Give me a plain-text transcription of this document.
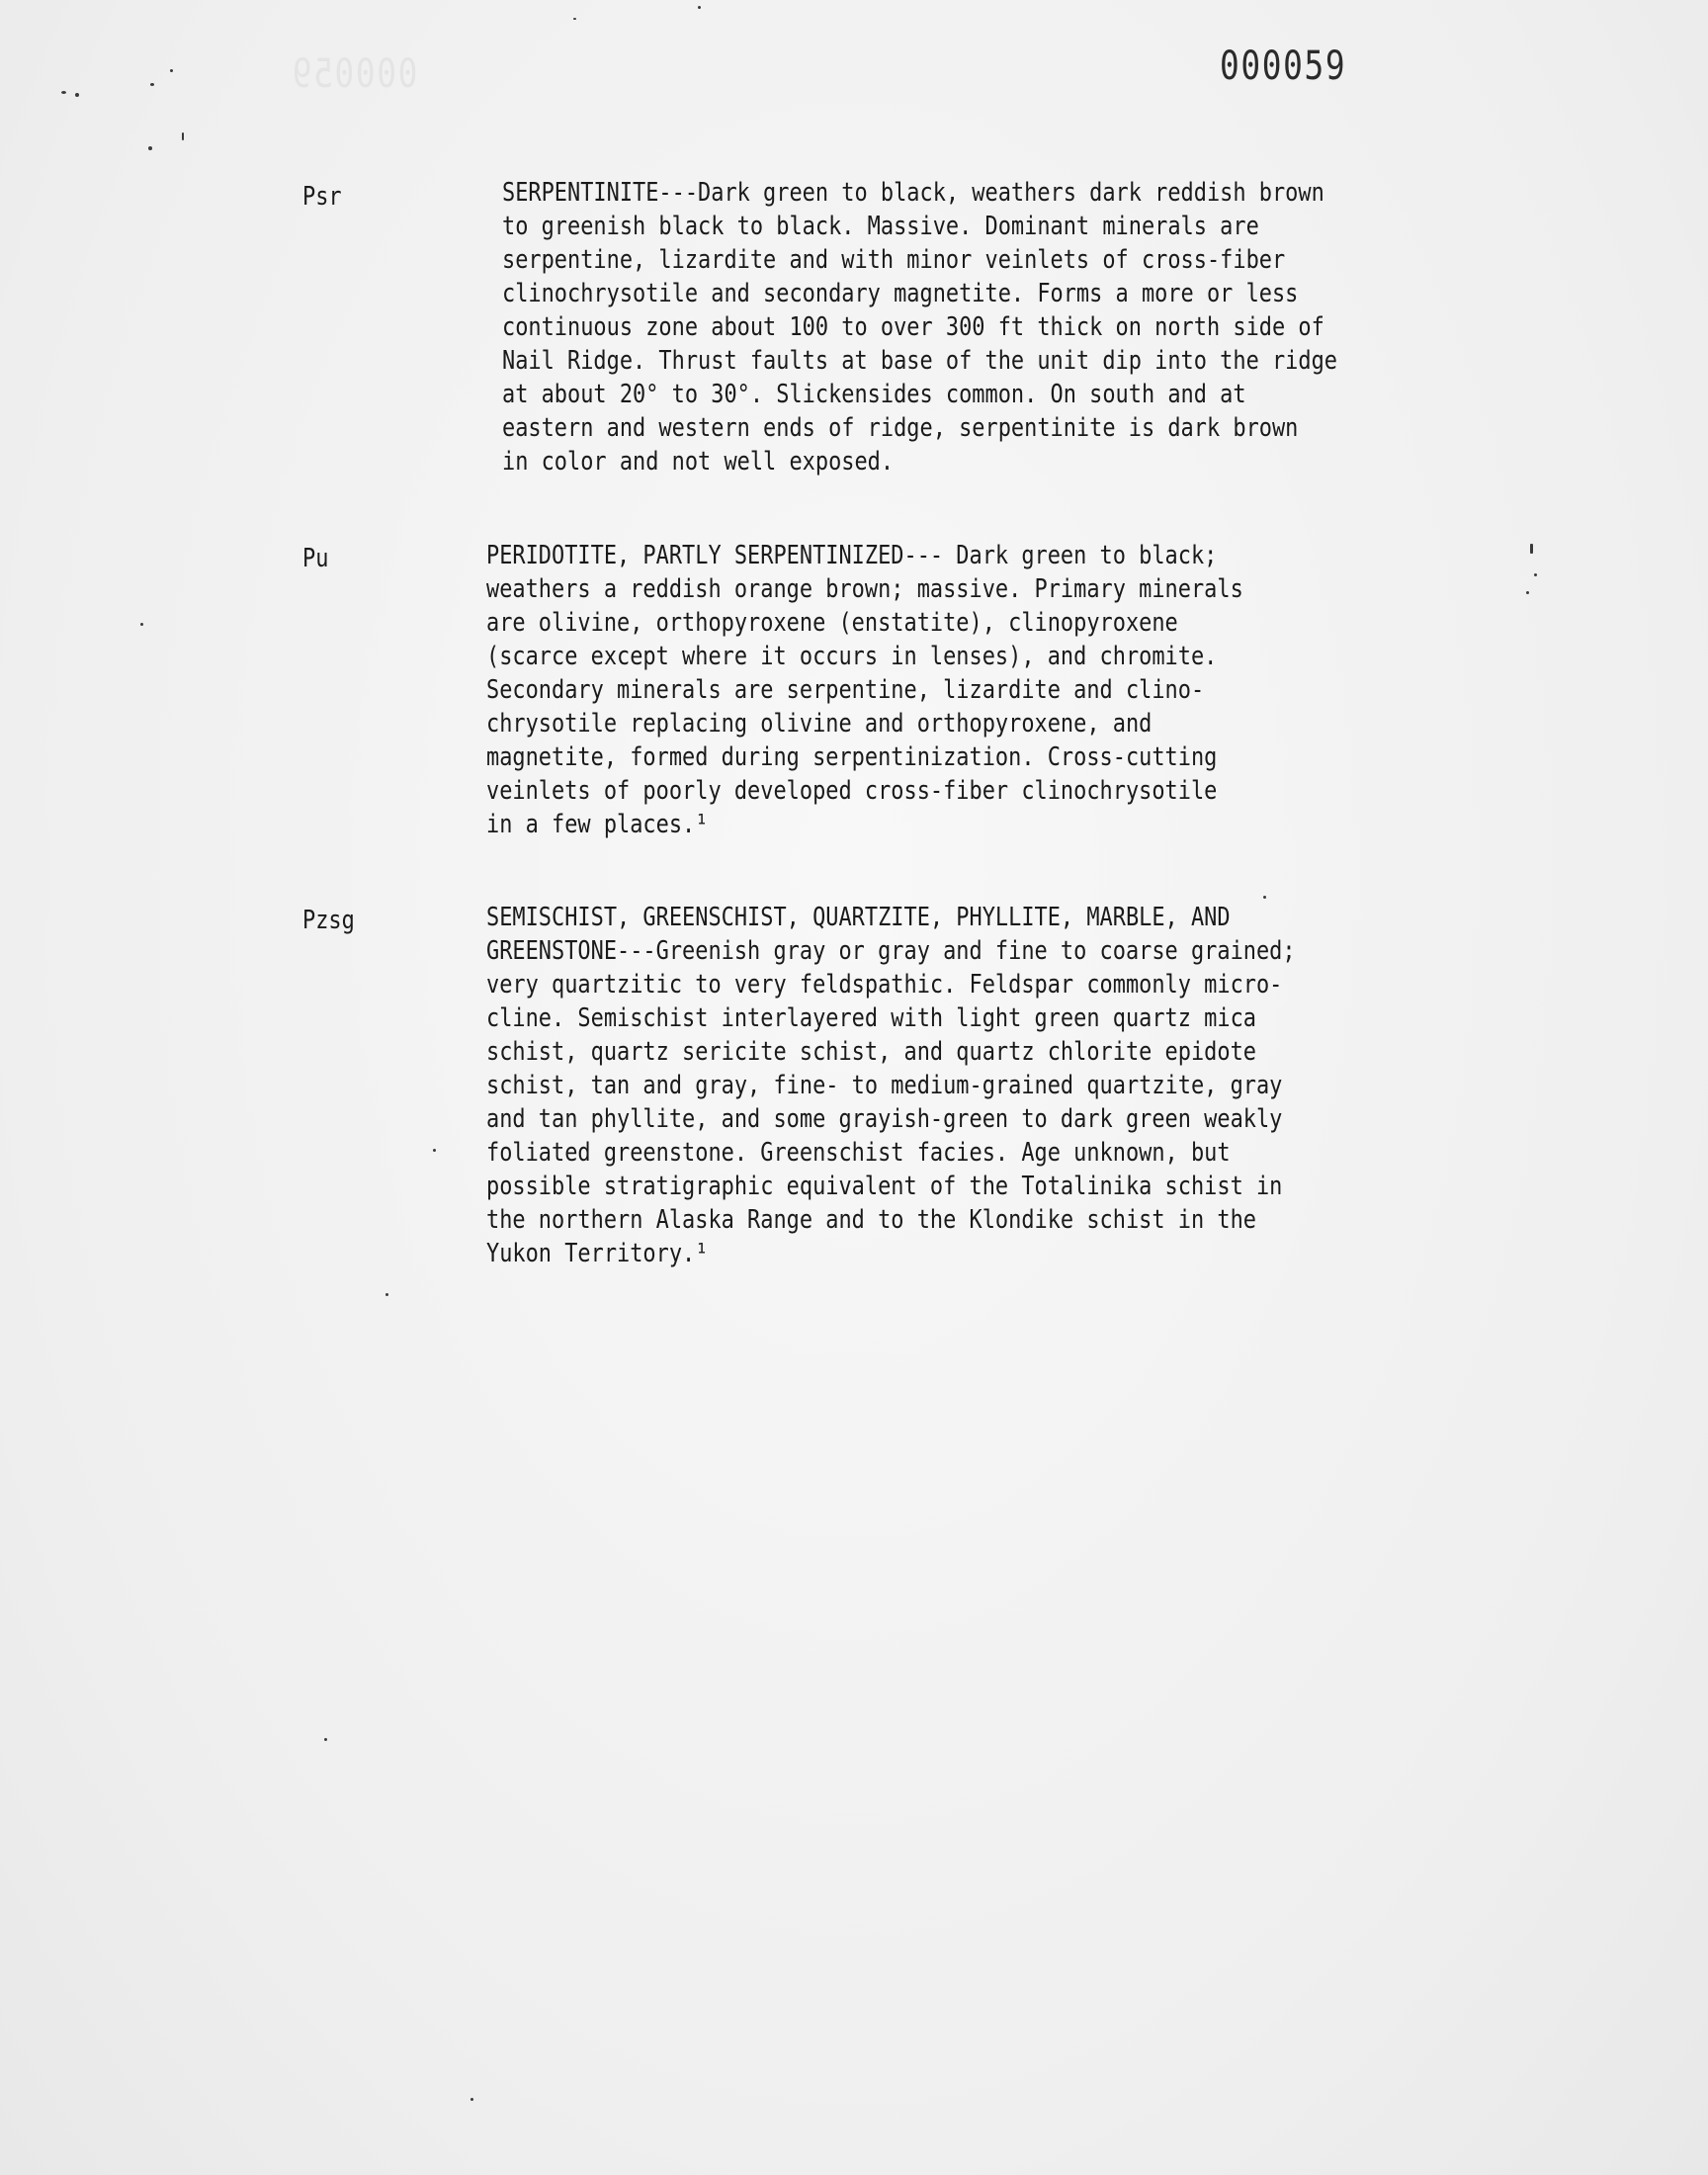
000059	000059
Psr	SERPENTINITE---Dark green to black, weathers dark reddish brown
to greenish black to black. Massive. Dominant minerals are
serpentine, lizardite and with minor veinlets of cross-fiber
clinochrysotile and secondary magnetite. Forms a more or less
continuous zone about 100 to over 300 ft thick on north side of
Nail Ridge. Thrust faults at base of the unit dip into the ridge
at about 20° to 30°. Slickensides common. On south and at
eastern and western ends of ridge, serpentinite is dark brown
in color and not well exposed.
Pu	PERIDOTITE, PARTLY SERPENTINIZED--- Dark green to black;
weathers a reddish orange brown; massive. Primary minerals
are olivine, orthopyroxene (enstatite), clinopyroxene
(scarce except where it occurs in lenses), and chromite.
Secondary minerals are serpentine, lizardite and clino-
chrysotile replacing olivine and orthopyroxene, and
magnetite, formed during serpentinization. Cross-cutting
veinlets of poorly developed cross-fiber clinochrysotile
in a few places.¹
Pzsg	SEMISCHIST, GREENSCHIST, QUARTZITE, PHYLLITE, MARBLE, AND
GREENSTONE---Greenish gray or gray and fine to coarse grained;
very quartzitic to very feldspathic. Feldspar commonly micro-
cline. Semischist interlayered with light green quartz mica
schist, quartz sericite schist, and quartz chlorite epidote
schist, tan and gray, fine- to medium-grained quartzite, gray
and tan phyllite, and some grayish-green to dark green weakly
foliated greenstone. Greenschist facies. Age unknown, but
possible stratigraphic equivalent of the Totalinika schist in
the northern Alaska Range and to the Klondike schist in the
Yukon Territory.¹
